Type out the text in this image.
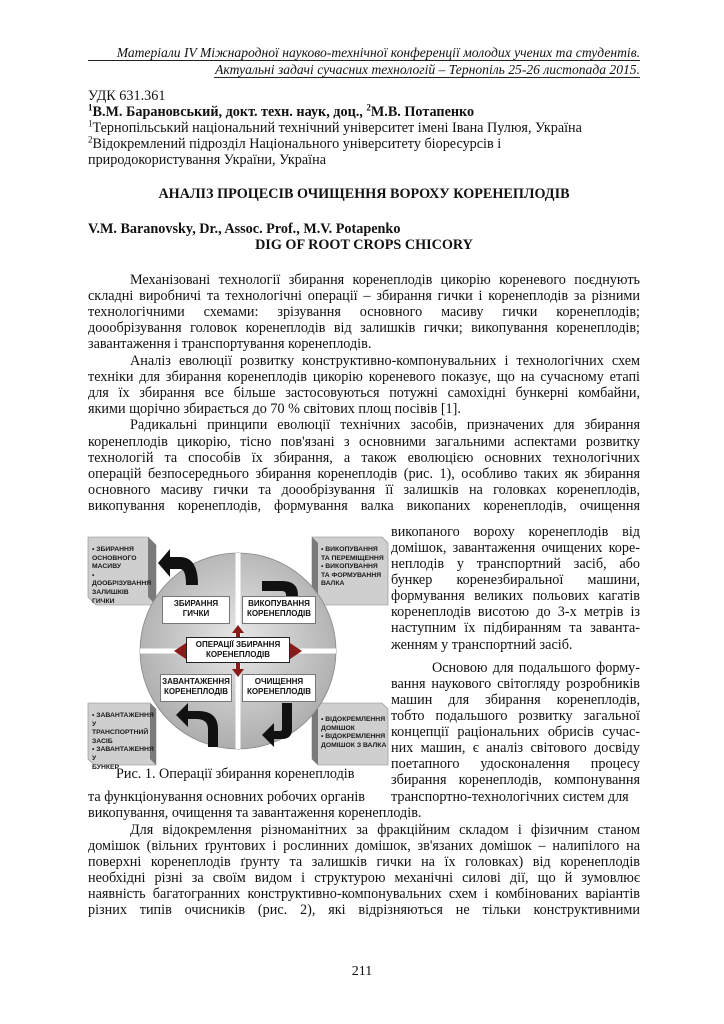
Матеріали IV Міжнародної науково-технічної конференції молодих учених та студентів.
Актуальні задачі сучасних технологій – Тернопіль 25-26 листопада 2015.
УДК 631.361
$^1$В.М. Барановський, докт. техн. наук, доц., $^2$М.В. Потапенко
$^1$Тернопільський національний технічний університет імені Івана Пулюя, Україна
$^2$Відокремлений підрозділ Національного університету біоресурсів і
природокористування України, Україна
АНАЛІЗ ПРОЦЕСІВ ОЧИЩЕННЯ ВОРОХУ КОРЕНЕПЛОДІВ
V.M. Baranovsky, Dr., Assoc. Prof., M.V. Potapenko
DIG OF ROOT CROPS CHICORY
Механізовані технології збирання коренеплодів цикорію кореневого поєднують
складні виробничі та технологічні операції – збирання гички і коренеплодів за різними
технологічними схемами: зрізування основного масиву гички коренеплодів;
доообрізування головок коренеплодів від залишків гички; викопування коренеплодів;
завантаження і транспортування коренеплодів.
Аналіз еволюції розвитку конструктивно-компонувальних і технологічних схем
техніки для збирання коренеплодів цикорію кореневого показує, що на сучасному етапі
для їх збирання все більше застосовуються потужні самохідні бункерні комбайни,
якими щорічно збирається до 70 % світових площ посівів [1].
Радикальні принципи еволюції технічних засобів, призначених для збирання
коренеплодів цикорію, тісно пов'язані з основними загальними аспектами розвитку
технологій та способів їх збирання, а також еволюцією основних технологічних
операцій безпосереднього збирання коренеплодів (рис. 1), особливо таких як збирання
основного масиву гички та доообрізування її залишків на головках коренеплодів,
викопування коренеплодів, формування валка викопаних коренеплодів, очищення
викопаного вороху коренеплодів від
домішок, завантаження очищених коре-
неплодів у транспортний засіб, або
бункер коренезбиральної машини,
формування великих польових кагатів
коренеплодів висотою до 3-х метрів із
наступним їх підбиранням та заванта-
женням у транспортний засіб.
Основою для подальшого форму-
вання наукового світогляду розробників
машин для збирання коренеплодів,
тобто подальшого розвитку загальної
концепції раціональних обрисів сучас-
них машин, є аналіз світового досвіду
поетапного удосконалення процесу
збирання коренеплодів, компонування
• ЗБИРАННЯ
ОСНОВНОГО
МАСИВУ
• ДООБРІЗУВАННЯ
ЗАЛИШКІВ ГИЧКИ
• ВИКОПУВАННЯ
ТА ПЕРЕМІЩЕННЯ
• ВИКОПУВАННЯ
ТА ФОРМУВАННЯ
ВАЛКА
• ЗАВАНТАЖЕННЯ У
ТРАНСПОРТНИЙ
ЗАСІБ
• ЗАВАНТАЖЕННЯ У
БУНКЕР
• ВІДОКРЕМЛЕННЯ
ДОМІШОК
• ВІДОКРЕМЛЕННЯ
ДОМІШОК З ВАЛКА
ЗБИРАННЯ
ГИЧКИ
ВИКОПУВАННЯ
КОРЕНЕПЛОДІВ
ОПЕРАЦІЇ ЗБИРАННЯ
КОРЕНЕПЛОДІВ
ЗАВАНТАЖЕННЯ
КОРЕНЕПЛОДІВ
ОЧИЩЕННЯ
КОРЕНЕПЛОДІВ
Рис. 1. Операції збирання коренеплодів
та функціонування основних робочих органів транспортно-технологічних систем для
викопування, очищення та завантаження коренеплодів.
Для відокремлення різноманітних за фракційним складом і фізичним станом
домішок (вільних ґрунтових і рослинних домішок, зв'язаних домішок – налипілого на
поверхні коренеплодів ґрунту та залишків гички на їх головках) від коренеплодів
необхідні різні за своїм видом і структурою механічні силові дії, що й зумовлює
наявність багатогранних конструктивно-компонувальних схем і комбінованих варіантів
різних типів очисників (рис. 2), які відрізняються не тільки конструктивними
211
